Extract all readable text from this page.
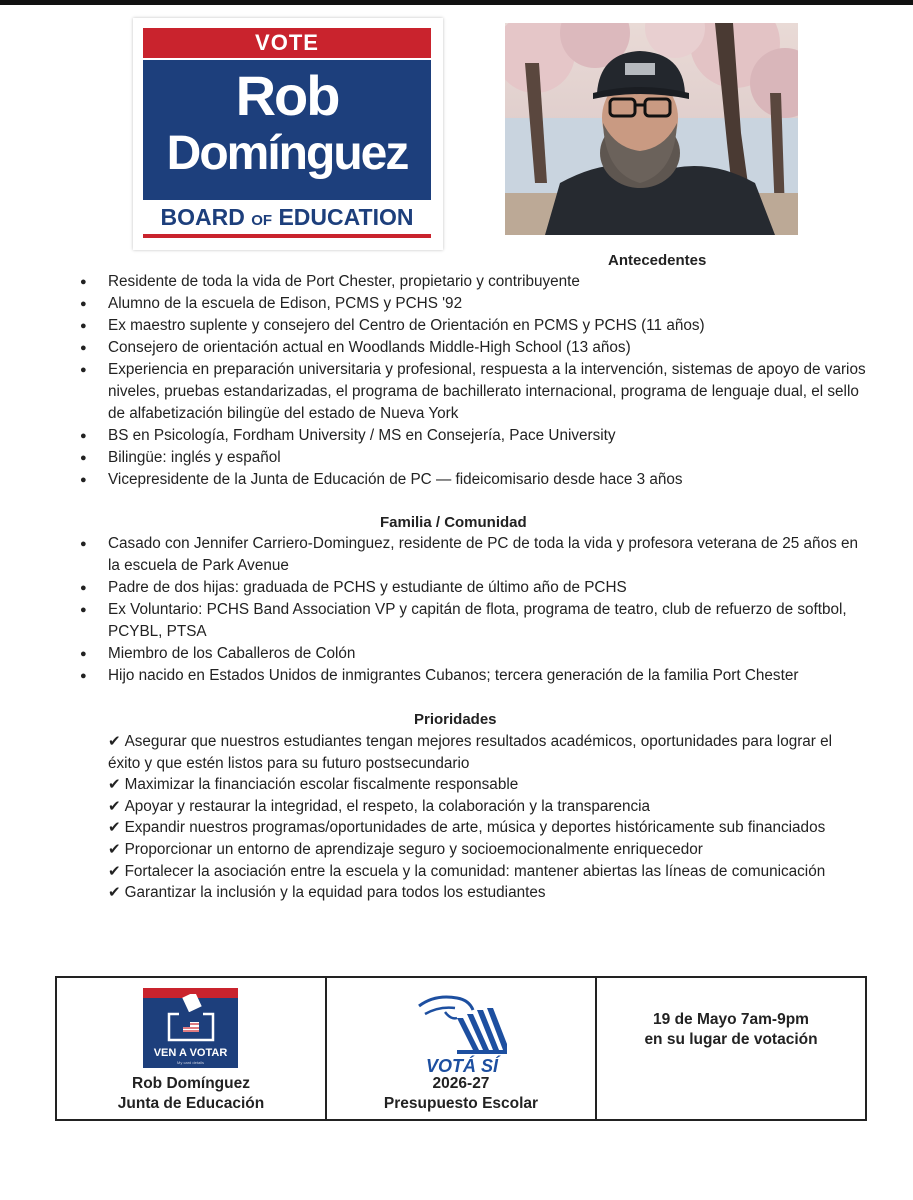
VOTE
Rob
Domínguez
BOARD OF EDUCATION
Antecedentes
● Residente de toda la vida de Port Chester, propietario y contribuyente
● Alumno de la escuela de Edison, PCMS y PCHS '92
● Ex maestro suplente y consejero del Centro de Orientación en PCMS y PCHS (11 años)
● Consejero de orientación actual en Woodlands Middle-High School (13 años)
● Experiencia en preparación universitaria y profesional, respuesta a la intervención, sistemas de apoyo de varios niveles, pruebas estandarizadas, el programa de bachillerato internacional, programa de lenguaje dual, el sello de alfabetización bilingüe del estado de Nueva York
● BS en Psicología, Fordham University / MS en Consejería, Pace University
● Bilingüe: inglés y español
● Vicepresidente de la Junta de Educación de PC — fideicomisario desde hace 3 años
Familia / Comunidad
● Casado con Jennifer Carriero-Dominguez, residente de PC de toda la vida y profesora veterana de 25 años en la escuela de Park Avenue
● Padre de dos hijas: graduada de PCHS y estudiante de último año de PCHS
● Ex Voluntario: PCHS Band Association VP y capitán de flota, programa de teatro, club de refuerzo de softbol, PCYBL, PTSA
● Miembro de los Caballeros de Colón
● Hijo nacido en Estados Unidos de inmigrantes Cubanos; tercera generación de la familia Port Chester
Prioridades
✔ Asegurar que nuestros estudiantes tengan mejores resultados académicos, oportunidades para lograr el éxito y que estén listos para su futuro postsecundario
✔ Maximizar la financiación escolar fiscalmente responsable
✔ Apoyar y restaurar la integridad, el respeto, la colaboración y la transparencia
✔ Expandir nuestros programas/oportunidades de arte, música y deportes históricamente sub financiados
✔ Proporcionar un entorno de aprendizaje seguro y socioemocionalmente enriquecedor
✔ Fortalecer la asociación entre la escuela y la comunidad: mantener abiertas las líneas de comunicación
✔ Garantizar la inclusión y la equidad para todos los estudiantes
VEN A VOTAR
My card details
Rob Domínguez
Junta de Educación
VOTÁ SÍ
2026-27
Presupuesto Escolar
19 de Mayo 7am-9pm
en su lugar de votación
